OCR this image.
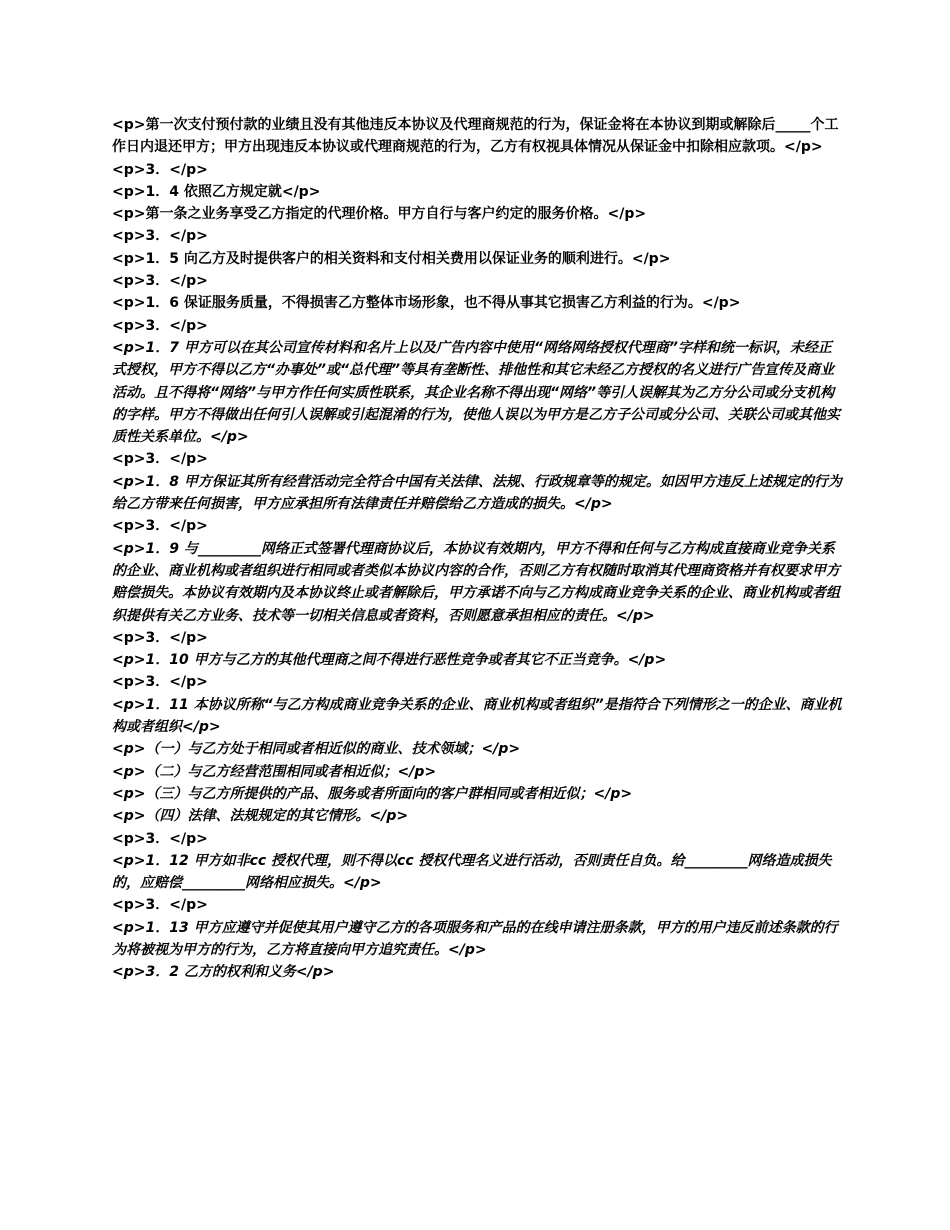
<p>第一次支付预付款的业绩且没有其他违反本协议及代理商规范的行为，保证金将在本协议到期或解除后_____个工作日内退还甲方；甲方出现违反本协议或代理商规范的行为，乙方有权视具体情况从保证金中扣除相应款项。</p>
<p>3．</p>
<p>1．4 依照乙方规定就</p>
<p>第一条之业务享受乙方指定的代理价格。甲方自行与客户约定的服务价格。</p>
<p>3．</p>
<p>1．5 向乙方及时提供客户的相关资料和支付相关费用以保证业务的顺利进行。</p>
<p>3．</p>
<p>1．6 保证服务质量，不得损害乙方整体市场形象，也不得从事其它损害乙方利益的行为。</p>
<p>3．</p>
<p>1．7 甲方可以在其公司宣传材料和名片上以及广告内容中使用“网络网络授权代理商”字样和统一标识，未经正式授权，甲方不得以乙方“办事处”或“总代理”等具有垄断性、排他性和其它未经乙方授权的名义进行广告宣传及商业活动。且不得将“网络”与甲方作任何实质性联系，其企业名称不得出现“网络”等引人误解其为乙方分公司或分支机构的字样。甲方不得做出任何引人误解或引起混淆的行为，使他人误以为甲方是乙方子公司或分公司、关联公司或其他实质性关系单位。</p>
<p>3．</p>
<p>1．8 甲方保证其所有经营活动完全符合中国有关法律、法规、行政规章等的规定。如因甲方违反上述规定的行为给乙方带来任何损害，甲方应承担所有法律责任并赔偿给乙方造成的损失。</p>
<p>3．</p>
<p>1．9 与_________网络正式签署代理商协议后，本协议有效期内，甲方不得和任何与乙方构成直接商业竞争关系的企业、商业机构或者组织进行相同或者类似本协议内容的合作，否则乙方有权随时取消其代理商资格并有权要求甲方赔偿损失。本协议有效期内及本协议终止或者解除后，甲方承诺不向与乙方构成商业竞争关系的企业、商业机构或者组织提供有关乙方业务、技术等一切相关信息或者资料，否则愿意承担相应的责任。</p>
<p>3．</p>
<p>1．10 甲方与乙方的其他代理商之间不得进行恶性竞争或者其它不正当竞争。</p>
<p>3．</p>
<p>1．11 本协议所称“与乙方构成商业竞争关系的企业、商业机构或者组织”是指符合下列情形之一的企业、商业机构或者组织</p>
<p>（一）与乙方处于相同或者相近似的商业、技术领域；</p>
<p>（二）与乙方经营范围相同或者相近似；</p>
<p>（三）与乙方所提供的产品、服务或者所面向的客户群相同或者相近似；</p>
<p>（四）法律、法规规定的其它情形。</p>
<p>3．</p>
<p>1．12 甲方如非cc 授权代理，则不得以cc 授权代理名义进行活动，否则责任自负。给_________网络造成损失的，应赔偿_________网络相应损失。</p>
<p>3．</p>
<p>1．13 甲方应遵守并促使其用户遵守乙方的各项服务和产品的在线申请注册条款，甲方的用户违反前述条款的行为将被视为甲方的行为，乙方将直接向甲方追究责任。</p>
<p>3．2 乙方的权利和义务</p>
